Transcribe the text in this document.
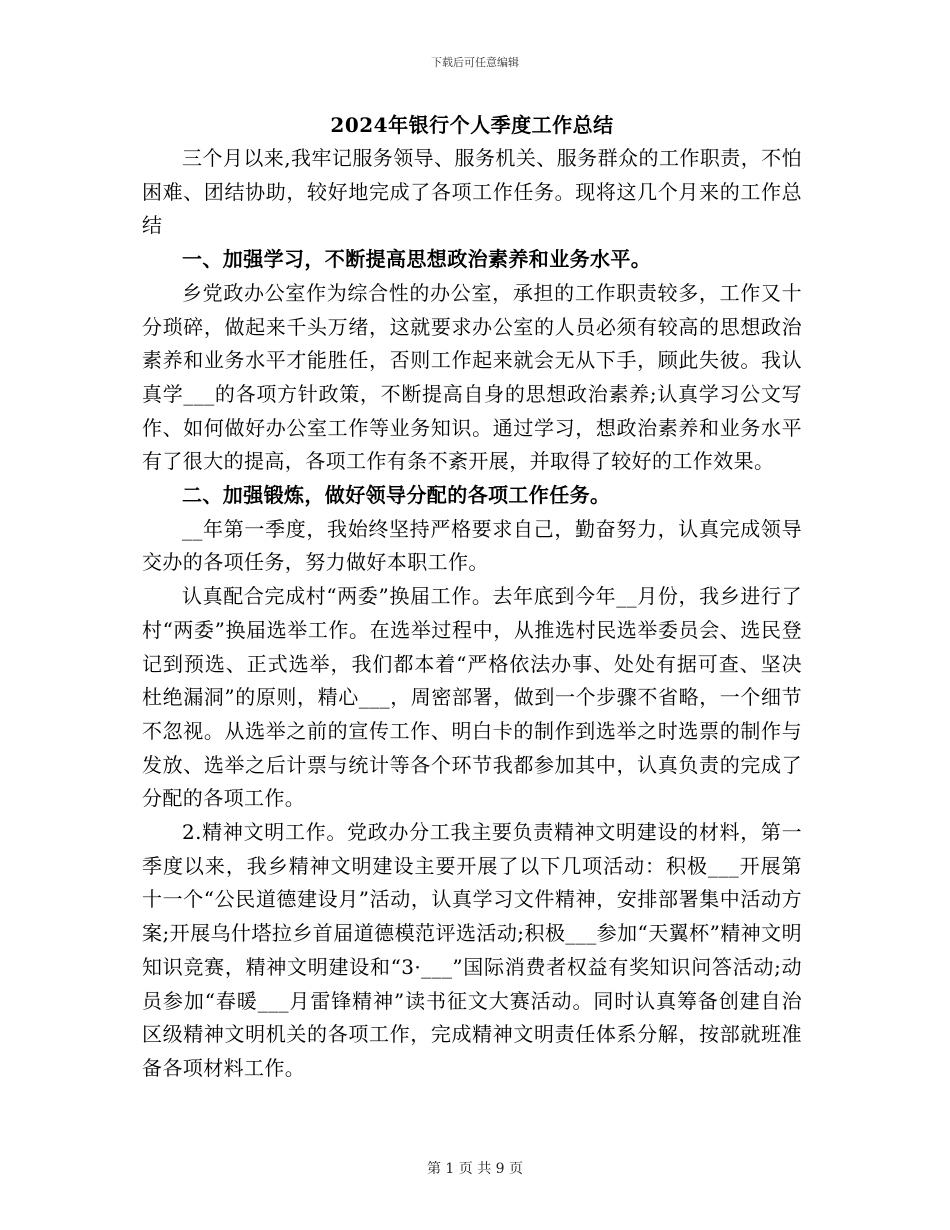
下载后可任意编辑
2024年银行个人季度工作总结

三个月以来,我牢记服务领导、服务机关、服务群众的工作职责，不怕困难、团结协助，较好地完成了各项工作任务。现将这几个月来的工作总结

一、加强学习，不断提高思想政治素养和业务水平。

乡党政办公室作为综合性的办公室，承担的工作职责较多，工作又十分琐碎，做起来千头万绪，这就要求办公室的人员必须有较高的思想政治素养和业务水平才能胜任，否则工作起来就会无从下手，顾此失彼。我认真学___的各项方针政策，不断提高自身的思想政治素养;认真学习公文写作、如何做好办公室工作等业务知识。通过学习，想政治素养和业务水平有了很大的提高，各项工作有条不紊开展，并取得了较好的工作效果。

二、加强锻炼，做好领导分配的各项工作任务。

__年第一季度，我始终坚持严格要求自己，勤奋努力，认真完成领导交办的各项任务，努力做好本职工作。

认真配合完成村“两委”换届工作。去年底到今年__月份，我乡进行了村“两委”换届选举工作。在选举过程中，从推选村民选举委员会、选民登记到预选、正式选举，我们都本着“严格依法办事、处处有据可查、坚决杜绝漏洞”的原则，精心___，周密部署，做到一个步骤不省略，一个细节不忽视。从选举之前的宣传工作、明白卡的制作到选举之时选票的制作与发放、选举之后计票与统计等各个环节我都参加其中，认真负责的完成了分配的各项工作。

2.精神文明工作。党政办分工我主要负责精神文明建设的材料，第一季度以来，我乡精神文明建设主要开展了以下几项活动：积极___开展第十一个“公民道德建设月”活动，认真学习文件精神，安排部署集中活动方案;开展乌什塔拉乡首届道德模范评选活动;积极___参加“天翼杯”精神文明知识竞赛，精神文明建设和“3·___”国际消费者权益有奖知识问答活动;动员参加“春暖___月雷锋精神”读书征文大赛活动。同时认真筹备创建自治区级精神文明机关的各项工作，完成精神文明责任体系分解，按部就班准备各项材料工作。

第 1 页 共 9 页
